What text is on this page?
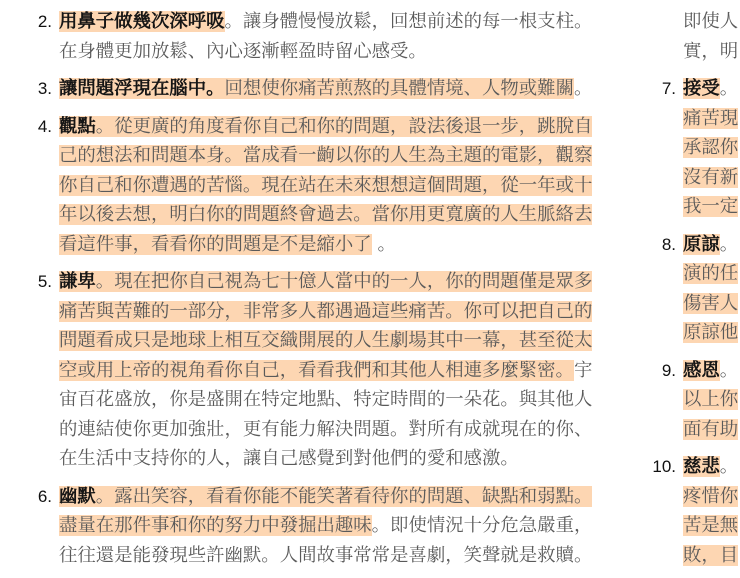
2. 用鼻子做幾次深呼吸。讓身體慢慢放鬆，回想前述的每一根支柱。
在身體更加放鬆、內心逐漸輕盈時留心感受。
3. 讓問題浮現在腦中。回想使你痛苦煎熬的具體情境、人物或難關。
4. 觀點。從更廣的角度看你自己和你的問題，設法後退一步，跳脫自
己的想法和問題本身。當成看一齣以你的人生為主題的電影，觀察
你自己和你遭遇的苦惱。現在站在未來想想這個問題，從一年或十
年以後去想，明白你的問題終會過去。當你用更寬廣的人生脈絡去
看這件事，看看你的問題是不是縮小了 。
5. 謙卑。現在把你自己視為七十億人當中的一人，你的問題僅是眾多
痛苦與苦難的一部分，非常多人都遇過這些痛苦。你可以把自己的
問題看成只是地球上相互交織開展的人生劇場其中一幕，甚至從太
空或用上帝的視角看你自己，看看我們和其他人相連多麼緊密。宇
宙百花盛放，你是盛開在特定地點、特定時間的一朵花。與其他人
的連結使你更加強壯，更有能力解決問題。對所有成就現在的你、
在生活中支持你的人，讓自己感覺到對他們的愛和感激。
6. 幽默。露出笑容，看看你能不能笑著看待你的問題、缺點和弱點。
盡量在那件事和你的努力中發掘出趣味。即使情況十分危急嚴重，
往往還是能發現些許幽默。人間故事常常是喜劇，笑聲就是救贖。
即使人
實，明
7. 接受。
痛苦現
承認你
沒有新
我一定
8. 原諒。
演的任
傷害人
原諒他
9. 感恩。
以上你
面有助
10. 慈悲。
疼惜你
苦是無
敗，目
